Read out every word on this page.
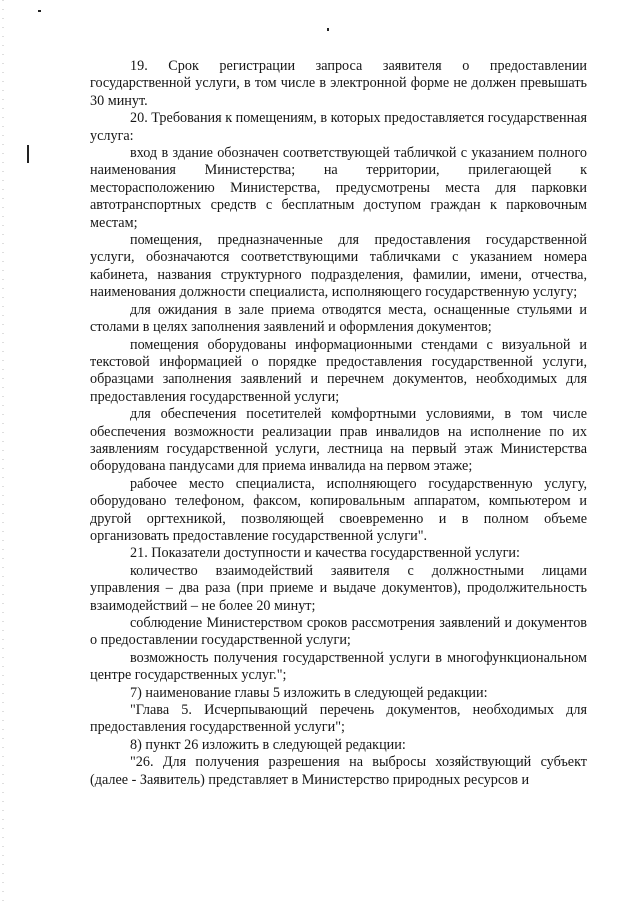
19. Срок регистрации запроса заявителя о предоставлении государственной услуги, в том числе в электронной форме не должен превышать 30 минут.

20. Требования к помещениям, в которых предоставляется государственная услуга:

вход в здание обозначен соответствующей табличкой с указанием полного наименования Министерства; на территории, прилегающей к месторасположению Министерства, предусмотрены места для парковки автотранспортных средств с бесплатным доступом граждан к парковочным местам;

помещения, предназначенные для предоставления государственной услуги, обозначаются соответствующими табличками с указанием номера кабинета, названия структурного подразделения, фамилии, имени, отчества, наименования должности специалиста, исполняющего государственную услугу;

для ожидания в зале приема отводятся места, оснащенные стульями и столами в целях заполнения заявлений и оформления документов;

помещения оборудованы информационными стендами с визуальной и текстовой информацией о порядке предоставления государственной услуги, образцами заполнения заявлений и перечнем документов, необходимых для предоставления государственной услуги;

для обеспечения посетителей комфортными условиями, в том числе обеспечения возможности реализации прав инвалидов на исполнение по их заявлениям государственной услуги, лестница на первый этаж Министерства оборудована пандусами для приема инвалида на первом этаже;

рабочее место специалиста, исполняющего государственную услугу, оборудовано телефоном, факсом, копировальным аппаратом, компьютером и другой оргтехникой, позволяющей своевременно и в полном объеме организовать предоставление государственной услуги".

21. Показатели доступности и качества государственной услуги:

количество взаимодействий заявителя с должностными лицами управления – два раза (при приеме и выдаче документов), продолжительность взаимодействий – не более 20 минут;

соблюдение Министерством сроков рассмотрения заявлений и документов о предоставлении государственной услуги;

возможность получения государственной услуги в многофункциональном центре государственных услуг.";

7) наименование главы 5 изложить в следующей редакции:

"Глава 5. Исчерпывающий перечень документов, необходимых для предоставления государственной услуги";

8) пункт 26 изложить в следующей редакции:

"26. Для получения разрешения на выбросы хозяйствующий субъект (далее - Заявитель) представляет в Министерство природных ресурсов и
